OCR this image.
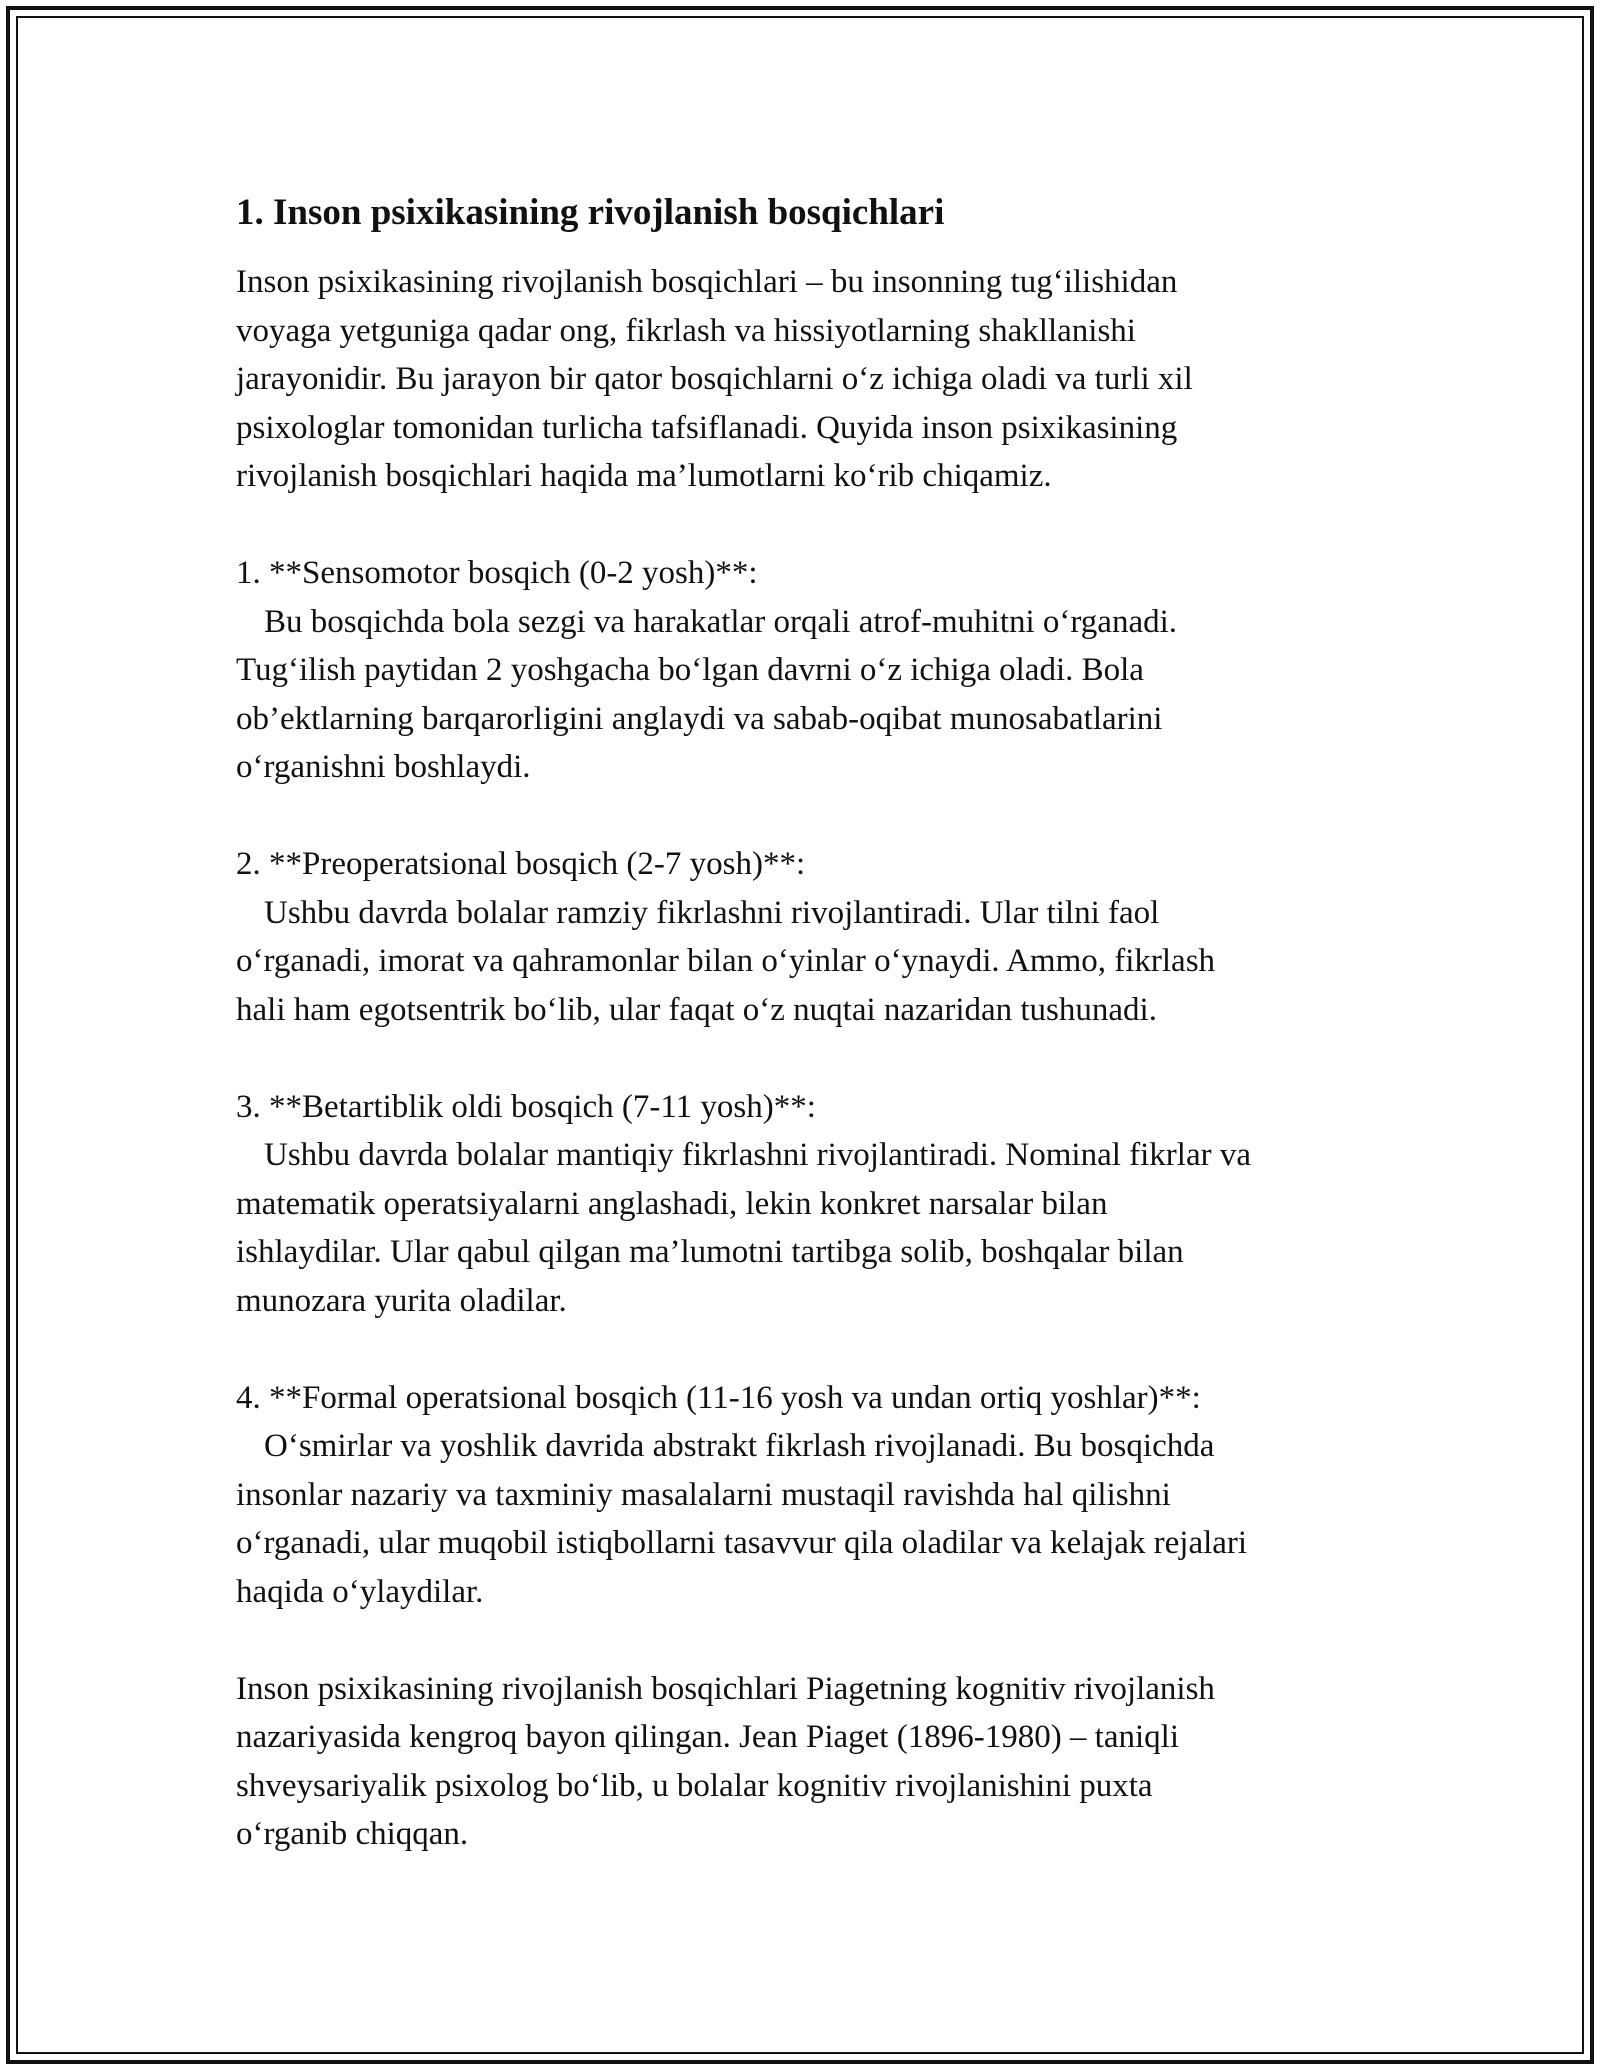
1. Inson psixikasining rivojlanish bosqichlari

Inson psixikasining rivojlanish bosqichlari – bu insonning tug‘ilishidan
voyaga yetguniga qadar ong, fikrlash va hissiyotlarning shakllanishi
jarayonidir. Bu jarayon bir qator bosqichlarni o‘z ichiga oladi va turli xil
psixologlar tomonidan turlicha tafsiflanadi. Quyida inson psixikasining
rivojlanish bosqichlari haqida ma’lumotlarni ko‘rib chiqamiz.

1. **Sensomotor bosqich (0-2 yosh)**:

Bu bosqichda bola sezgi va harakatlar orqali atrof-muhitni o‘rganadi.
Tug‘ilish paytidan 2 yoshgacha bo‘lgan davrni o‘z ichiga oladi. Bola
ob’ektlarning barqarorligini anglaydi va sabab-oqibat munosabatlarini
o‘rganishni boshlaydi.

2. **Preoperatsional bosqich (2-7 yosh)**:

Ushbu davrda bolalar ramziy fikrlashni rivojlantiradi. Ular tilni faol
o‘rganadi, imorat va qahramonlar bilan o‘yinlar o‘ynaydi. Ammo, fikrlash
hali ham egotsentrik bo‘lib, ular faqat o‘z nuqtai nazaridan tushunadi.

3. **Betartiblik oldi bosqich (7-11 yosh)**:

Ushbu davrda bolalar mantiqiy fikrlashni rivojlantiradi. Nominal fikrlar va
matematik operatsiyalarni anglashadi, lekin konkret narsalar bilan
ishlaydilar. Ular qabul qilgan ma’lumotni tartibga solib, boshqalar bilan
munozara yurita oladilar.

4. **Formal operatsional bosqich (11-16 yosh va undan ortiq yoshlar)**:

O‘smirlar va yoshlik davrida abstrakt fikrlash rivojlanadi. Bu bosqichda
insonlar nazariy va taxminiy masalalarni mustaqil ravishda hal qilishni
o‘rganadi, ular muqobil istiqbollarni tasavvur qila oladilar va kelajak rejalari
haqida o‘ylaydilar.

Inson psixikasining rivojlanish bosqichlari Piagetning kognitiv rivojlanish
nazariyasida kengroq bayon qilingan. Jean Piaget (1896-1980) – taniqli
shveysariyalik psixolog bo‘lib, u bolalar kognitiv rivojlanishini puxta
o‘rganib chiqqan.
